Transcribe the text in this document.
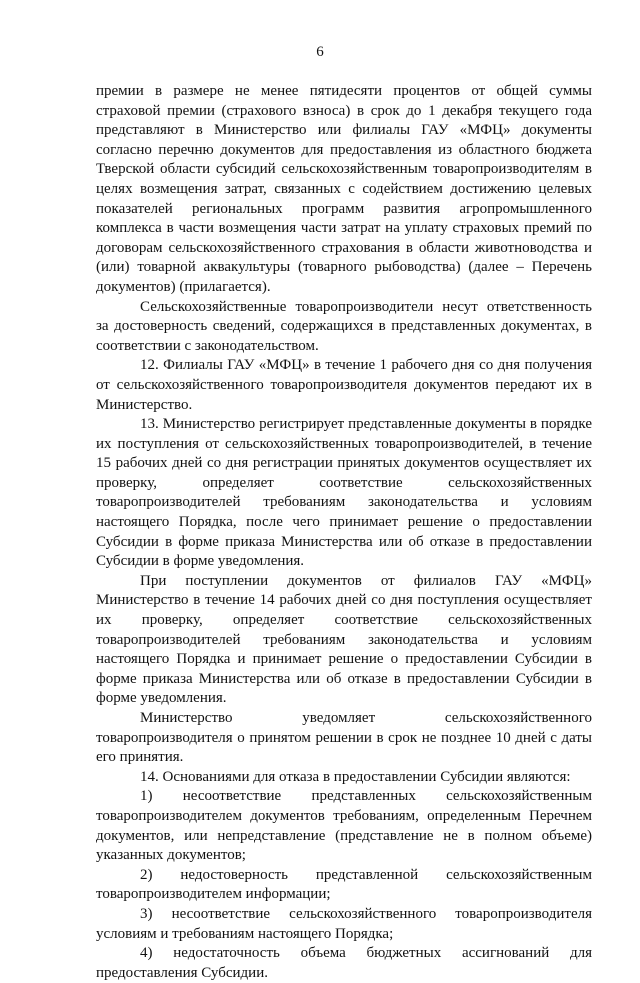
6

премии в размере не менее пятидесяти процентов от общей суммы страховой премии (страхового взноса) в срок до 1 декабря текущего года представляют в Министерство или филиалы ГАУ «МФЦ» документы согласно перечню документов для предоставления из областного бюджета Тверской области субсидий сельскохозяйственным товаропроизводителям в целях возмещения затрат, связанных с содействием достижению целевых показателей региональных программ развития агропромышленного комплекса в части возмещения части затрат на уплату страховых премий по договорам сельскохозяйственного страхования в области животноводства и (или) товарной аквакультуры (товарного рыбоводства) (далее – Перечень документов) (прилагается).

Сельскохозяйственные товаропроизводители несут ответственность за достоверность сведений, содержащихся в представленных документах, в соответствии с законодательством.

12. Филиалы ГАУ «МФЦ» в течение 1 рабочего дня со дня получения от сельскохозяйственного товаропроизводителя документов передают их в Министерство.

13. Министерство регистрирует представленные документы в порядке их поступления от сельскохозяйственных товаропроизводителей, в течение 15 рабочих дней со дня регистрации принятых документов осуществляет их проверку, определяет соответствие сельскохозяйственных товаропроизводителей требованиям законодательства и условиям настоящего Порядка, после чего принимает решение о предоставлении Субсидии в форме приказа Министерства или об отказе в предоставлении Субсидии в форме уведомления.

При поступлении документов от филиалов ГАУ «МФЦ» Министерство в течение 14 рабочих дней со дня поступления осуществляет их проверку, определяет соответствие сельскохозяйственных товаропроизводителей требованиям законодательства и условиям настоящего Порядка и принимает решение о предоставлении Субсидии в форме приказа Министерства или об отказе в предоставлении Субсидии в форме уведомления.

Министерство уведомляет сельскохозяйственного товаропроизводителя о принятом решении в срок не позднее 10 дней с даты его принятия.

14. Основаниями для отказа в предоставлении Субсидии являются:

1) несоответствие представленных сельскохозяйственным товаропроизводителем документов требованиям, определенным Перечнем документов, или непредставление (представление не в полном объеме) указанных документов;

2) недостоверность представленной сельскохозяйственным товаропроизводителем информации;

3) несоответствие сельскохозяйственного товаропроизводителя условиям и требованиям настоящего Порядка;

4) недостаточность объема бюджетных ассигнований для предоставления Субсидии.
